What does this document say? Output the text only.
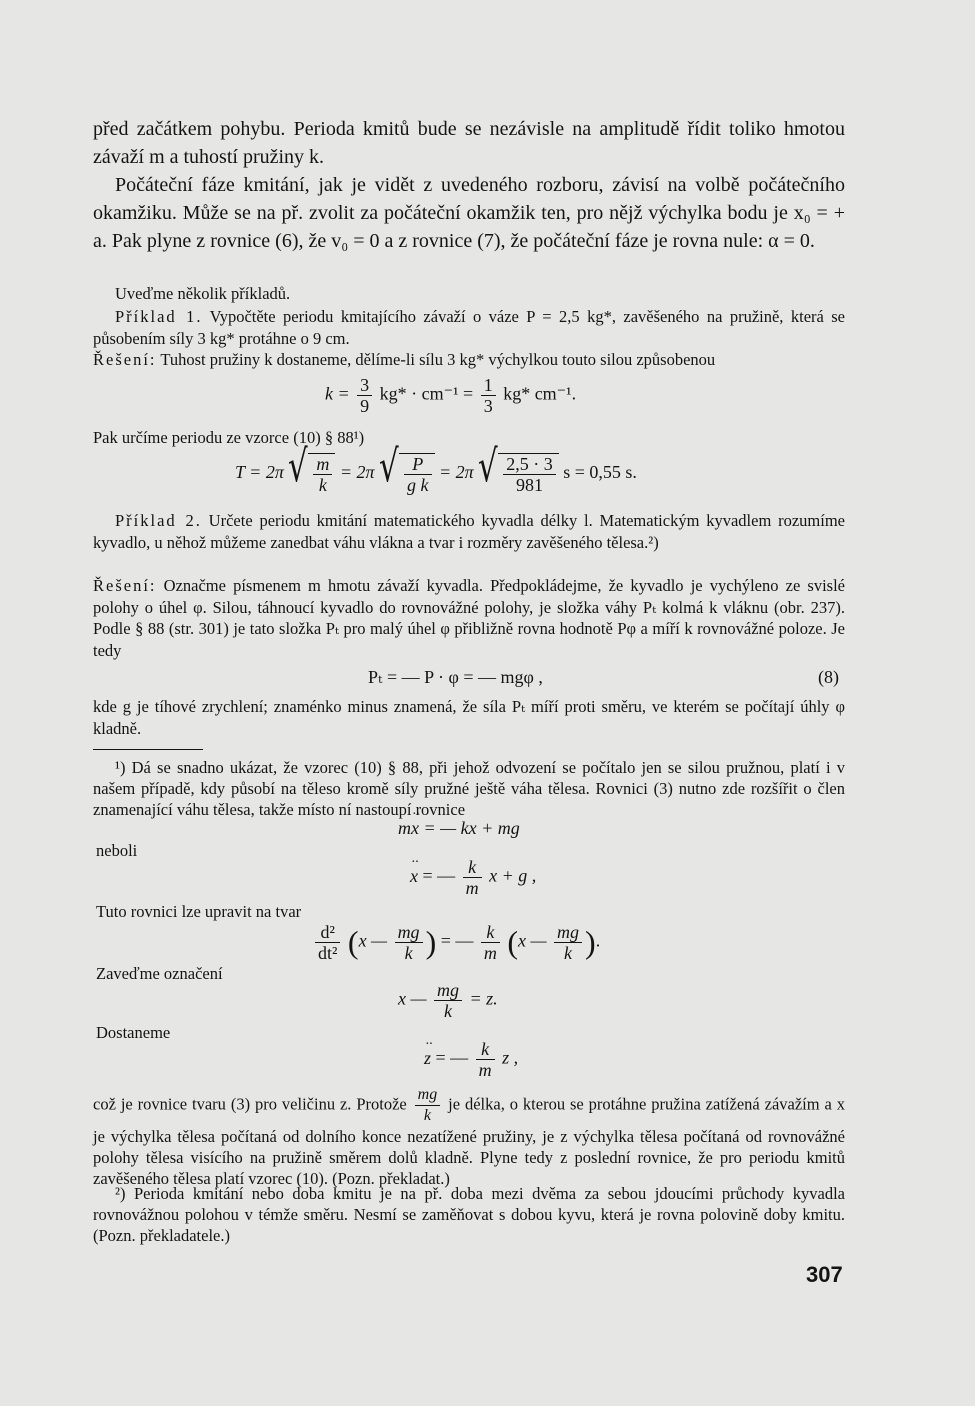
před začátkem pohybu. Perioda kmitů bude se nezávisle na amplitudě řídit toliko hmotou závaží m a tuhostí pružiny k.
Počáteční fáze kmitání, jak je vidět z uvedeného rozboru, závisí na volbě počátečního okamžiku. Může se na př. zvolit za počáteční okamžik ten, pro nějž výchylka bodu je x₀ = + a. Pak plyne z rovnice (6), že v₀ = 0 a z rovnice (7), že počáteční fáze je rovna nule: α = 0.
Uveďme několik příkladů.
Příklad 1. Vypočtěte periodu kmitajícího závaží o váze P = 2,5 kg*, zavěšeného na pružině, která se působením síly 3 kg* protáhne o 9 cm.
Řešení: Tuhost pružiny k dostaneme, dělíme-li sílu 3 kg* výchylkou touto silou způsobenou
$k = \frac{3}{9} kg* \cdot cm^{-1} = \frac{1}{3} kg*$ cm⁻¹.
Pak určíme periodu ze vzorce (10) § 88¹)
T = 2π √ $\frac{m}{k} = 2\pi$ √ $\frac{P}{\text{g k}} = 2\pi$ √ $\frac{2,5 \cdot 3}{981}$ s = 0,55 s.
Příklad 2. Určete periodu kmitání matematického kyvadla délky l. Matematickým kyvadlem rozumíme kyvadlo, u něhož můžeme zanedbat váhu vlákna a tvar i rozměry zavěšeného tělesa.²)
Řešení: Označme písmenem m hmotu závaží kyvadla. Předpokládejme, že kyvadlo je vychýleno ze svislé polohy o úhel φ. Silou, táhnoucí kyvadlo do rovnovážné polohy, je složka váhy Pₜ kolmá k vláknu (obr. 237). Podle § 88 (str. 301) je tato složka Pₜ pro malý úhel φ přibližně rovna hodnotě Pφ a míří k rovnovážné poloze. Je tedy
Pₜ = — P · φ = — mgφ ,	(8)
kde g je tíhové zrychlení; znaménko minus znamená, že síla Pₜ míří proti směru, ve kterém se počítají úhly φ kladně.
¹) Dá se snadno ukázat, že vzorec (10) § 88, při jehož odvození se počítalo jen se silou pružnou, platí i v našem případě, kdy působí na těleso kromě síly pružné ještě váha tělesa. Rovnici (3) nutno zde rozšířit o člen znamenající váhu tělesa, takže místo ní nastoupí rovnice
m·· x = — kx + mg
neboli
·· x = — $\frac{k}{m}$ x + g ,
Tuto rovnici lze upravit na tvar
$\frac{\text{d²}}{\text{dt²}} (x$ — $\frac{mg}{k}$ ) = — $\frac{k}{m} (x$ — $\frac{mg}{k}$ ).
Zaveďme označení
x — $\frac{mg}{k} = z$.
Dostaneme
·· z = — $\frac{k}{m}$ z ,
což je rovnice tvaru (3) pro veličinu z. Protože $\frac{mg}{k}$ je délka, o kterou se protáhne pružina zatížená závažím a x je výchylka tělesa počítaná od dolního konce nezatížené pružiny, je z výchylka tělesa počítaná od rovnovážné polohy tělesa visícího na pružině směrem dolů kladně. Plyne tedy z poslední rovnice, že pro periodu kmitů zavěšeného tělesa platí vzorec (10). (Pozn. překladat.)
²) Perioda kmitání nebo doba kmitu je na př. doba mezi dvěma za sebou jdoucími průchody kyvadla rovnovážnou polohou v témže směru. Nesmí se zaměňovat s dobou kyvu, která je rovna polovině doby kmitu. (Pozn. překladatele.)
307
